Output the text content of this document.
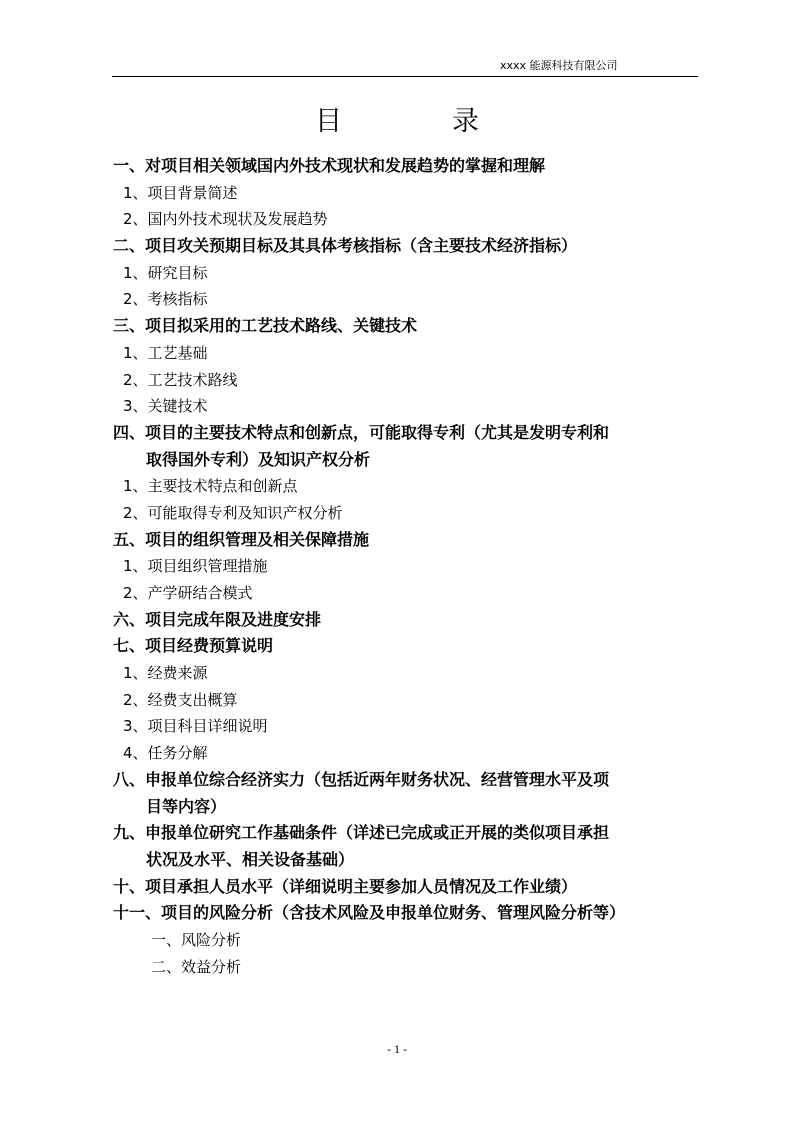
xxxx 能源科技有限公司
目录
一、对项目相关领域国内外技术现状和发展趋势的掌握和理解
1、项目背景简述
2、国内外技术现状及发展趋势
二、项目攻关预期目标及其具体考核指标（含主要技术经济指标）
1、研究目标
2、考核指标
三、项目拟采用的工艺技术路线、关键技术
1、工艺基础
2、工艺技术路线
3、关键技术
四、项目的主要技术特点和创新点，可能取得专利（尤其是发明专利和
取得国外专利）及知识产权分析
1、主要技术特点和创新点
2、可能取得专利及知识产权分析
五、项目的组织管理及相关保障措施
1、项目组织管理措施
2、产学研结合模式
六、项目完成年限及进度安排
七、项目经费预算说明
1、经费来源
2、经费支出概算
3、项目科目详细说明
4、任务分解
八、申报单位综合经济实力（包括近两年财务状况、经营管理水平及项
目等内容）
九、申报单位研究工作基础条件（详述已完成或正开展的类似项目承担
状况及水平、相关设备基础）
十、项目承担人员水平（详细说明主要参加人员情况及工作业绩）
十一、项目的风险分析（含技术风险及申报单位财务、管理风险分析等）
一、风险分析
二、效益分析
- 1 -
